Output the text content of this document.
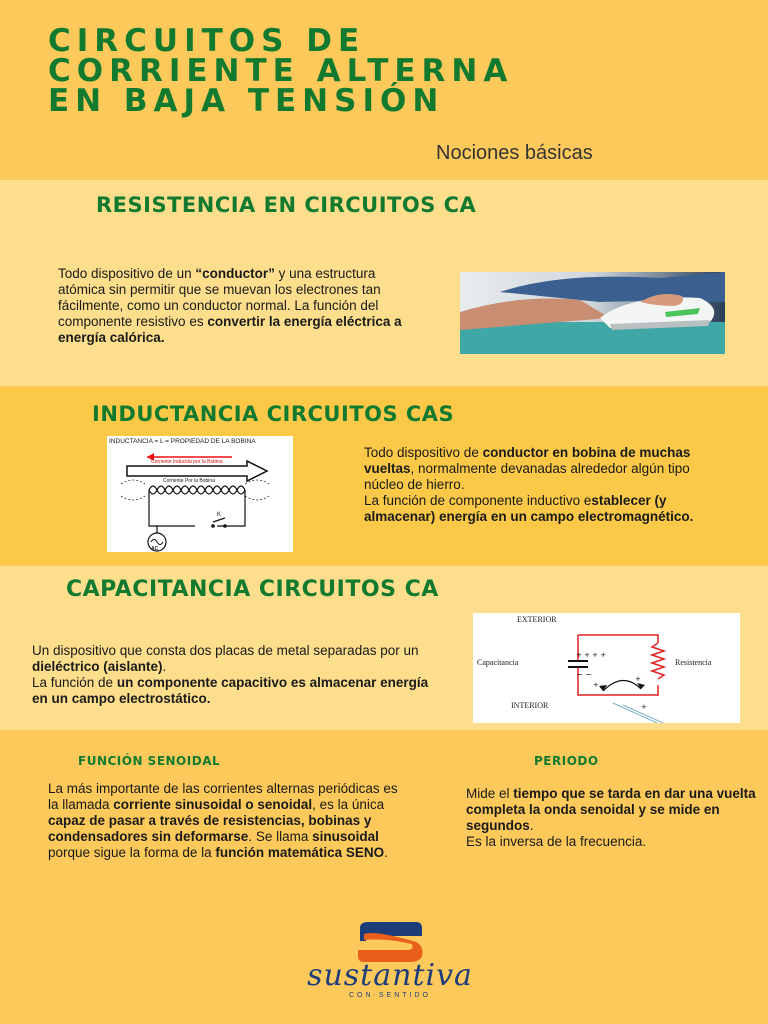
CIRCUITOS DE
CORRIENTE ALTERNA
EN BAJA TENSIÓN
Nociones básicas
RESISTENCIA EN CIRCUITOS CA
Todo dispositivo de un “conductor” y una estructura atómica sin permitir que se muevan los electrones tan fácilmente, como un conductor normal. La función del componente resistivo es convertir la energía eléctrica a energía calórica.
INDUCTANCIA CIRCUITOS CAS
INDUCTANCIA = L = PROPIEDAD DE LA BOBINA
Corriente Inducida por la Bobina
Corriente Por la Bobina
K
AC
Todo dispositivo de conductor en bobina de muchas vueltas, normalmente devanadas alrededor algún tipo núcleo de hierro.
La función de componente inductivo establecer (y almacenar) energía en un campo electromagnético.
CAPACITANCIA CIRCUITOS CA
Un dispositivo que consta dos placas de metal separadas por un dieléctrico (aislante).
La función de un componente capacitivo es almacenar energía en un campo electrostático.
+ + + +
− −
+
+
+
EXTERIOR
Capacitancia	Resistencia
INTERIOR
FUNCIÓN SENOIDAL
La más importante de las corrientes alternas periódicas es la llamada corriente sinusoidal o senoidal, es la única capaz de pasar a través de resistencias, bobinas y condensadores sin deformarse. Se llama sinusoidal porque sigue la forma de la función matemática SENO.
PERIODO
Mide el tiempo que se tarda en dar una vuelta completa la onda senoidal y se mide en segundos.
Es la inversa de la frecuencia.
sustantiva
CON·SENTIDO
